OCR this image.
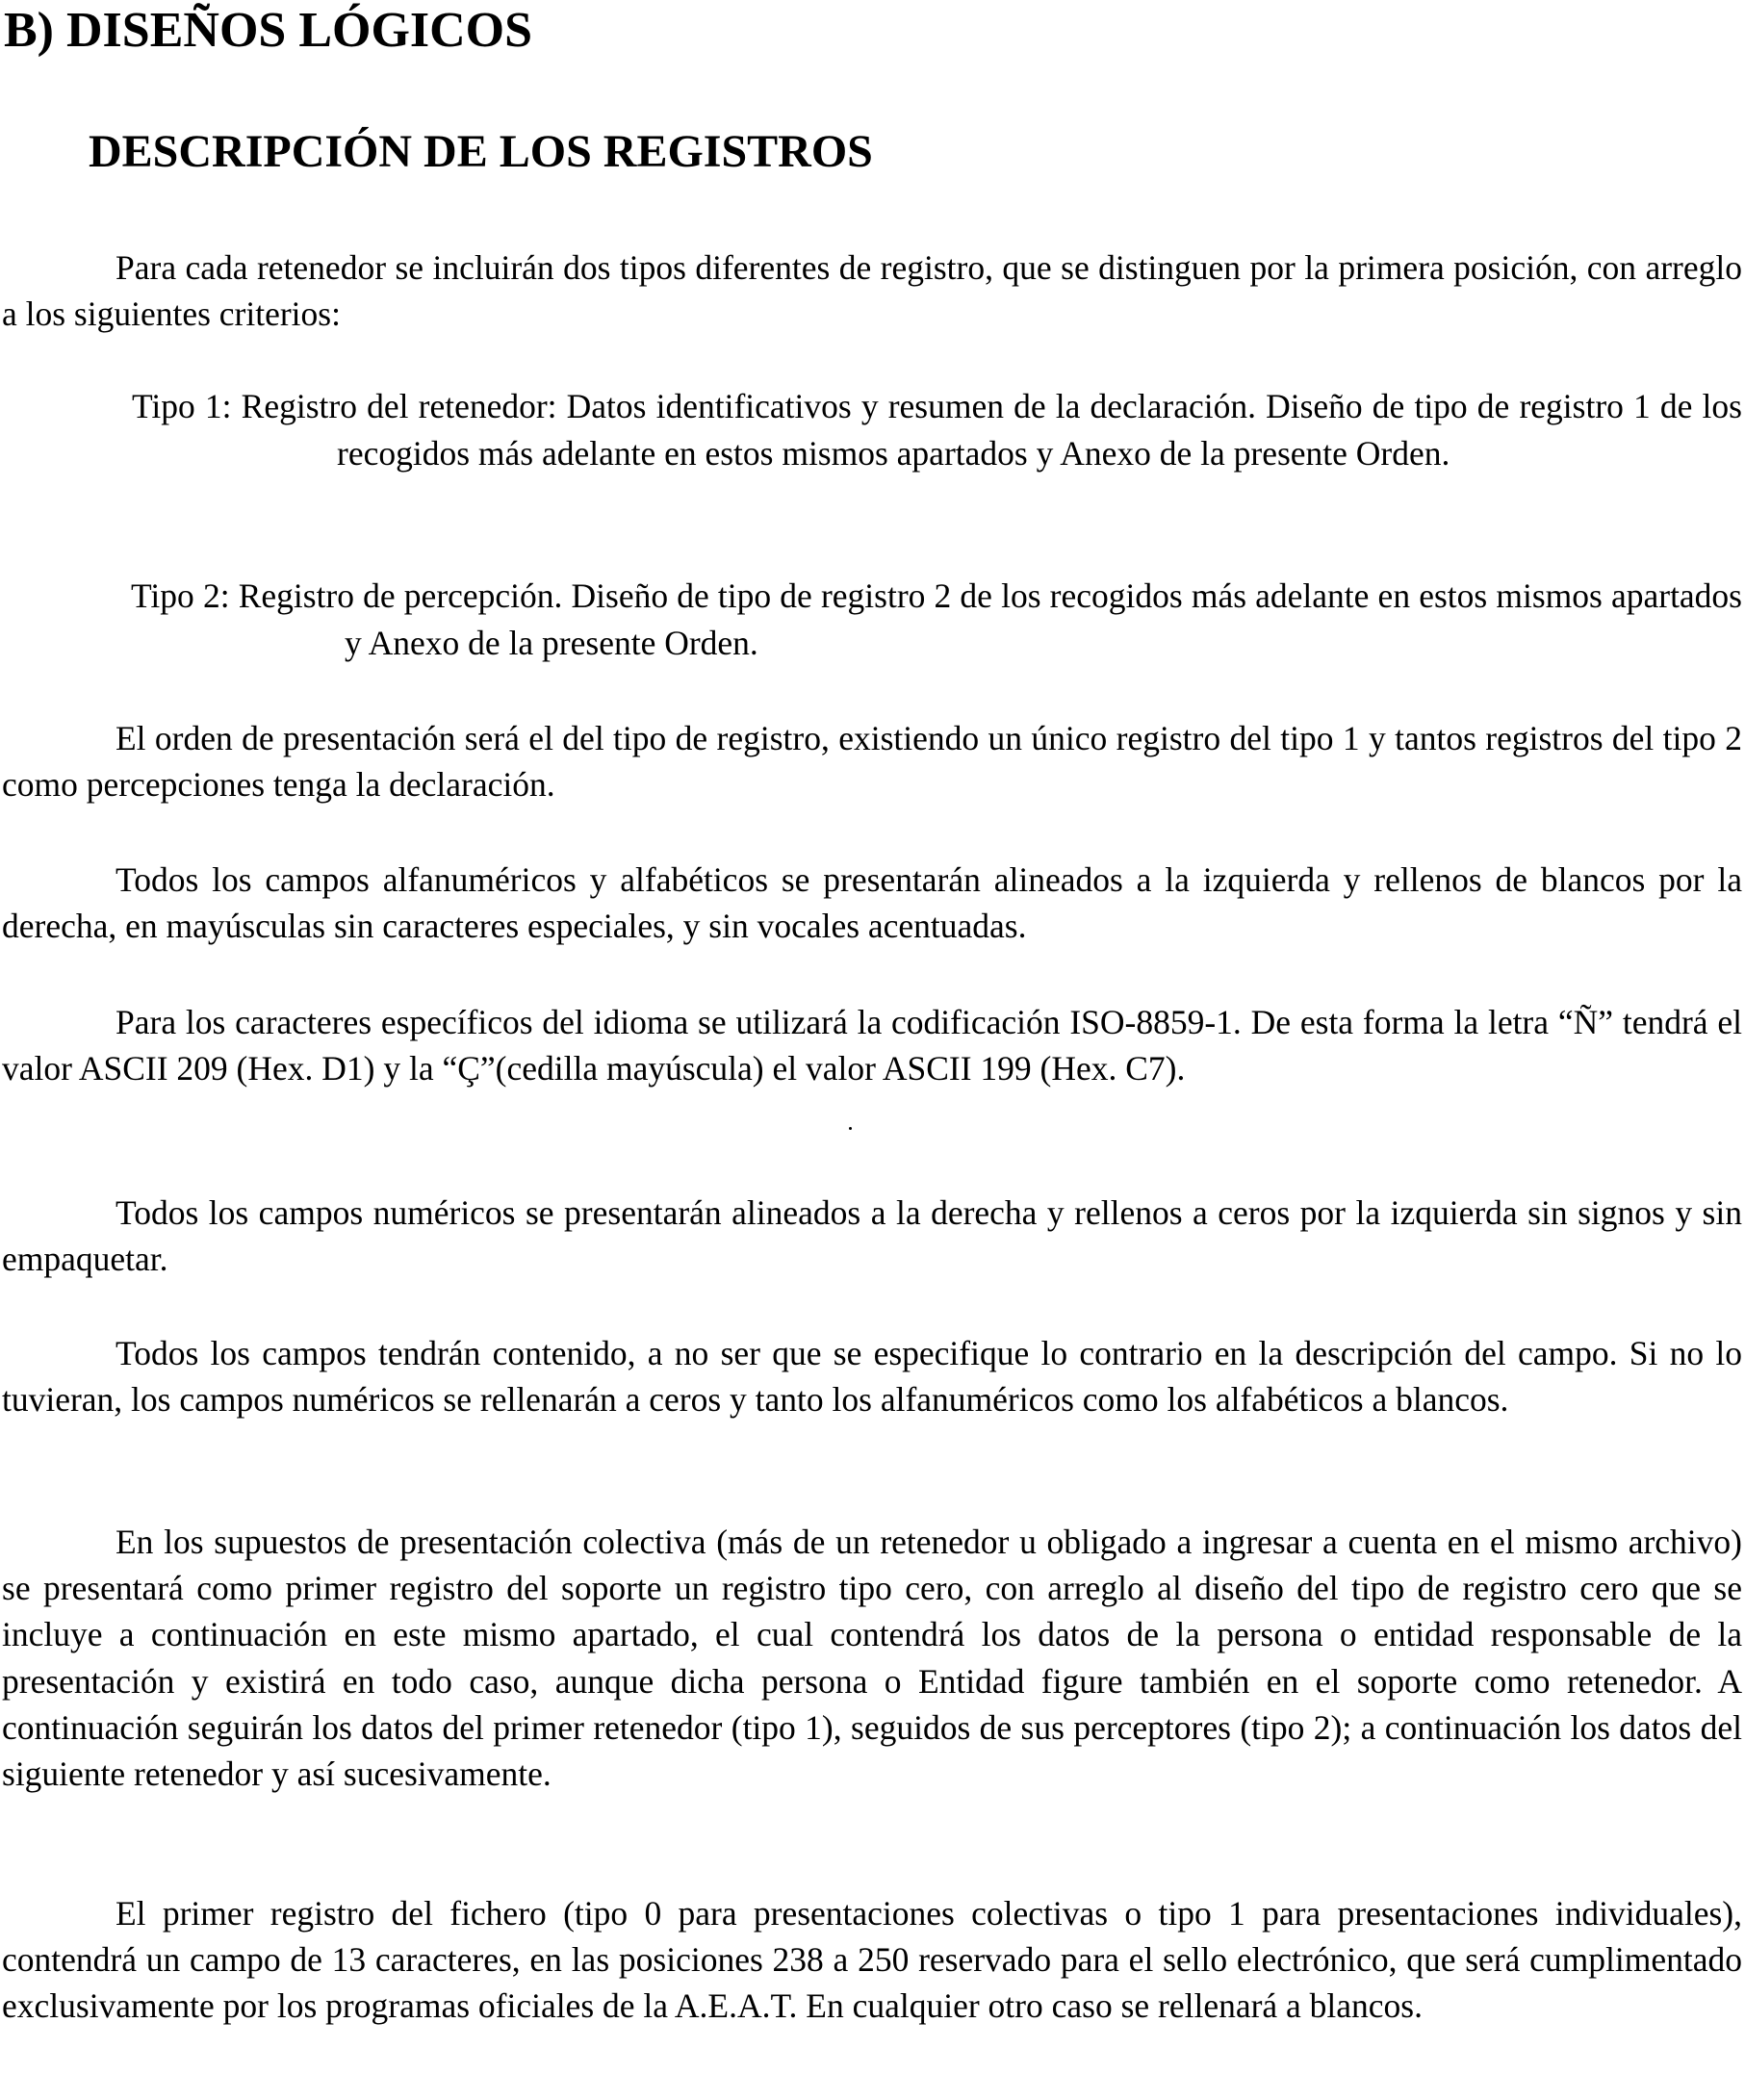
B) DISEÑOS LÓGICOS
DESCRIPCIÓN DE LOS REGISTROS

Para cada retenedor se incluirán dos tipos diferentes de registro, que se distinguen por la primera posición, con arreglo a los siguientes criterios:

Tipo 1: Registro del retenedor: Datos identificativos y resumen de la declaración. Diseño de tipo de registro 1 de los recogidos más adelante en estos mismos apartados y Anexo de la presente Orden.

Tipo 2: Registro de percepción. Diseño de tipo de registro 2 de los recogidos más adelante en estos mismos apartados y Anexo de la presente Orden.

El orden de presentación será el del tipo de registro, existiendo un único registro del tipo 1 y tantos registros del tipo 2 como percepciones tenga la declaración.

Todos los campos alfanuméricos y alfabéticos se presentarán alineados a la izquierda y rellenos de blancos por la derecha, en mayúsculas sin caracteres especiales, y sin vocales acentuadas.

Para los caracteres específicos del idioma se utilizará la codificación ISO-8859-1. De esta forma la letra “Ñ” tendrá el valor ASCII 209 (Hex. D1) y la “Ç”(cedilla mayúscula) el valor ASCII 199 (Hex. C7).

Todos los campos numéricos se presentarán alineados a la derecha y rellenos a ceros por la izquierda sin signos y sin empaquetar.

Todos los campos tendrán contenido, a no ser que se especifique lo contrario en la descripción del campo. Si no lo tuvieran, los campos numéricos se rellenarán a ceros y tanto los alfanuméricos como los alfabéticos a blancos.

En los supuestos de presentación colectiva (más de un retenedor u obligado a ingresar a cuenta en el mismo archivo) se presentará como primer registro del soporte un registro tipo cero, con arreglo al diseño del tipo de registro cero que se incluye a continuación en este mismo apartado, el cual contendrá los datos de la persona o entidad responsable de la presentación y existirá en todo caso, aunque dicha persona o Entidad figure también en el soporte como retenedor. A continuación seguirán los datos del primer retenedor (tipo 1), seguidos de sus perceptores (tipo 2); a continuación los datos del siguiente retenedor y así sucesivamente.

El primer registro del fichero (tipo 0 para presentaciones colectivas o tipo 1 para presentaciones individuales), contendrá un campo de 13 caracteres, en las posiciones 238 a 250 reservado para el sello electrónico, que será cumplimentado exclusivamente por los programas oficiales de la A.E.A.T. En cualquier otro caso se rellenará a blancos.
